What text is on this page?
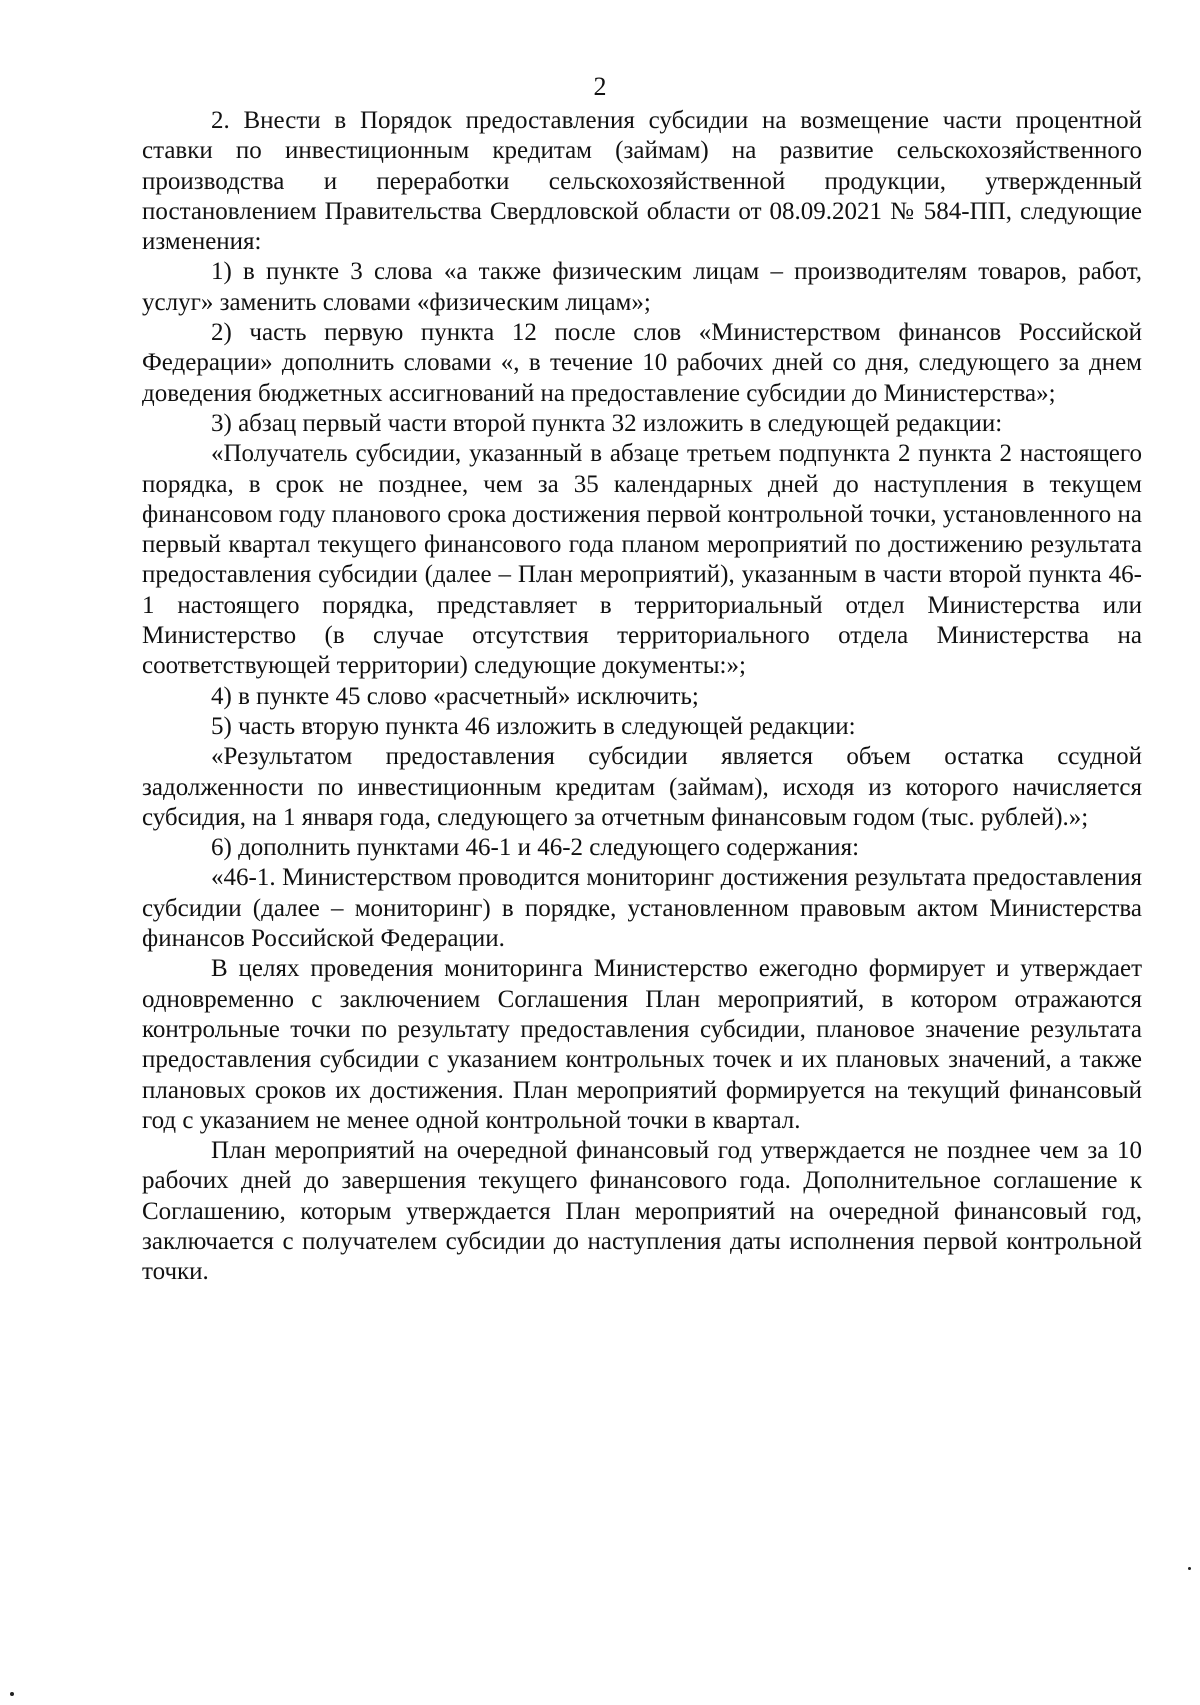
2

2. Внести в Порядок предоставления субсидии на возмещение части процентной ставки по инвестиционным кредитам (займам) на развитие сельскохозяйственного производства и переработки сельскохозяйственной продукции, утвержденный постановлением Правительства Свердловской области от 08.09.2021 № 584-ПП, следующие изменения:

1) в пункте 3 слова «а также физическим лицам – производителям товаров, работ, услуг» заменить словами «физическим лицам»;

2) часть первую пункта 12 после слов «Министерством финансов Российской Федерации» дополнить словами «, в течение 10 рабочих дней со дня, следующего за днем доведения бюджетных ассигнований на предоставление субсидии до Министерства»;

3) абзац первый части второй пункта 32 изложить в следующей редакции:

«Получатель субсидии, указанный в абзаце третьем подпункта 2 пункта 2 настоящего порядка, в срок не позднее, чем за 35 календарных дней до наступления в текущем финансовом году планового срока достижения первой контрольной точки, установленного на первый квартал текущего финансового года планом мероприятий по достижению результата предоставления субсидии (далее – План мероприятий), указанным в части второй пункта 46-1 настоящего порядка, представляет в территориальный отдел Министерства или Министерство (в случае отсутствия территориального отдела Министерства на соответствующей территории) следующие документы:»;

4) в пункте 45 слово «расчетный» исключить;

5) часть вторую пункта 46 изложить в следующей редакции:

«Результатом предоставления субсидии является объем остатка ссудной задолженности по инвестиционным кредитам (займам), исходя из которого начисляется субсидия, на 1 января года, следующего за отчетным финансовым годом (тыс. рублей).»;

6) дополнить пунктами 46-1 и 46-2 следующего содержания:

«46-1. Министерством проводится мониторинг достижения результата предоставления субсидии (далее – мониторинг) в порядке, установленном правовым актом Министерства финансов Российской Федерации.

В целях проведения мониторинга Министерство ежегодно формирует и утверждает одновременно с заключением Соглашения План мероприятий, в котором отражаются контрольные точки по результату предоставления субсидии, плановое значение результата предоставления субсидии с указанием контрольных точек и их плановых значений, а также плановых сроков их достижения. План мероприятий формируется на текущий финансовый год с указанием не менее одной контрольной точки в квартал.

План мероприятий на очередной финансовый год утверждается не позднее чем за 10 рабочих дней до завершения текущего финансового года. Дополнительное соглашение к Соглашению, которым утверждается План мероприятий на очередной финансовый год, заключается с получателем субсидии до наступления даты исполнения первой контрольной точки.
